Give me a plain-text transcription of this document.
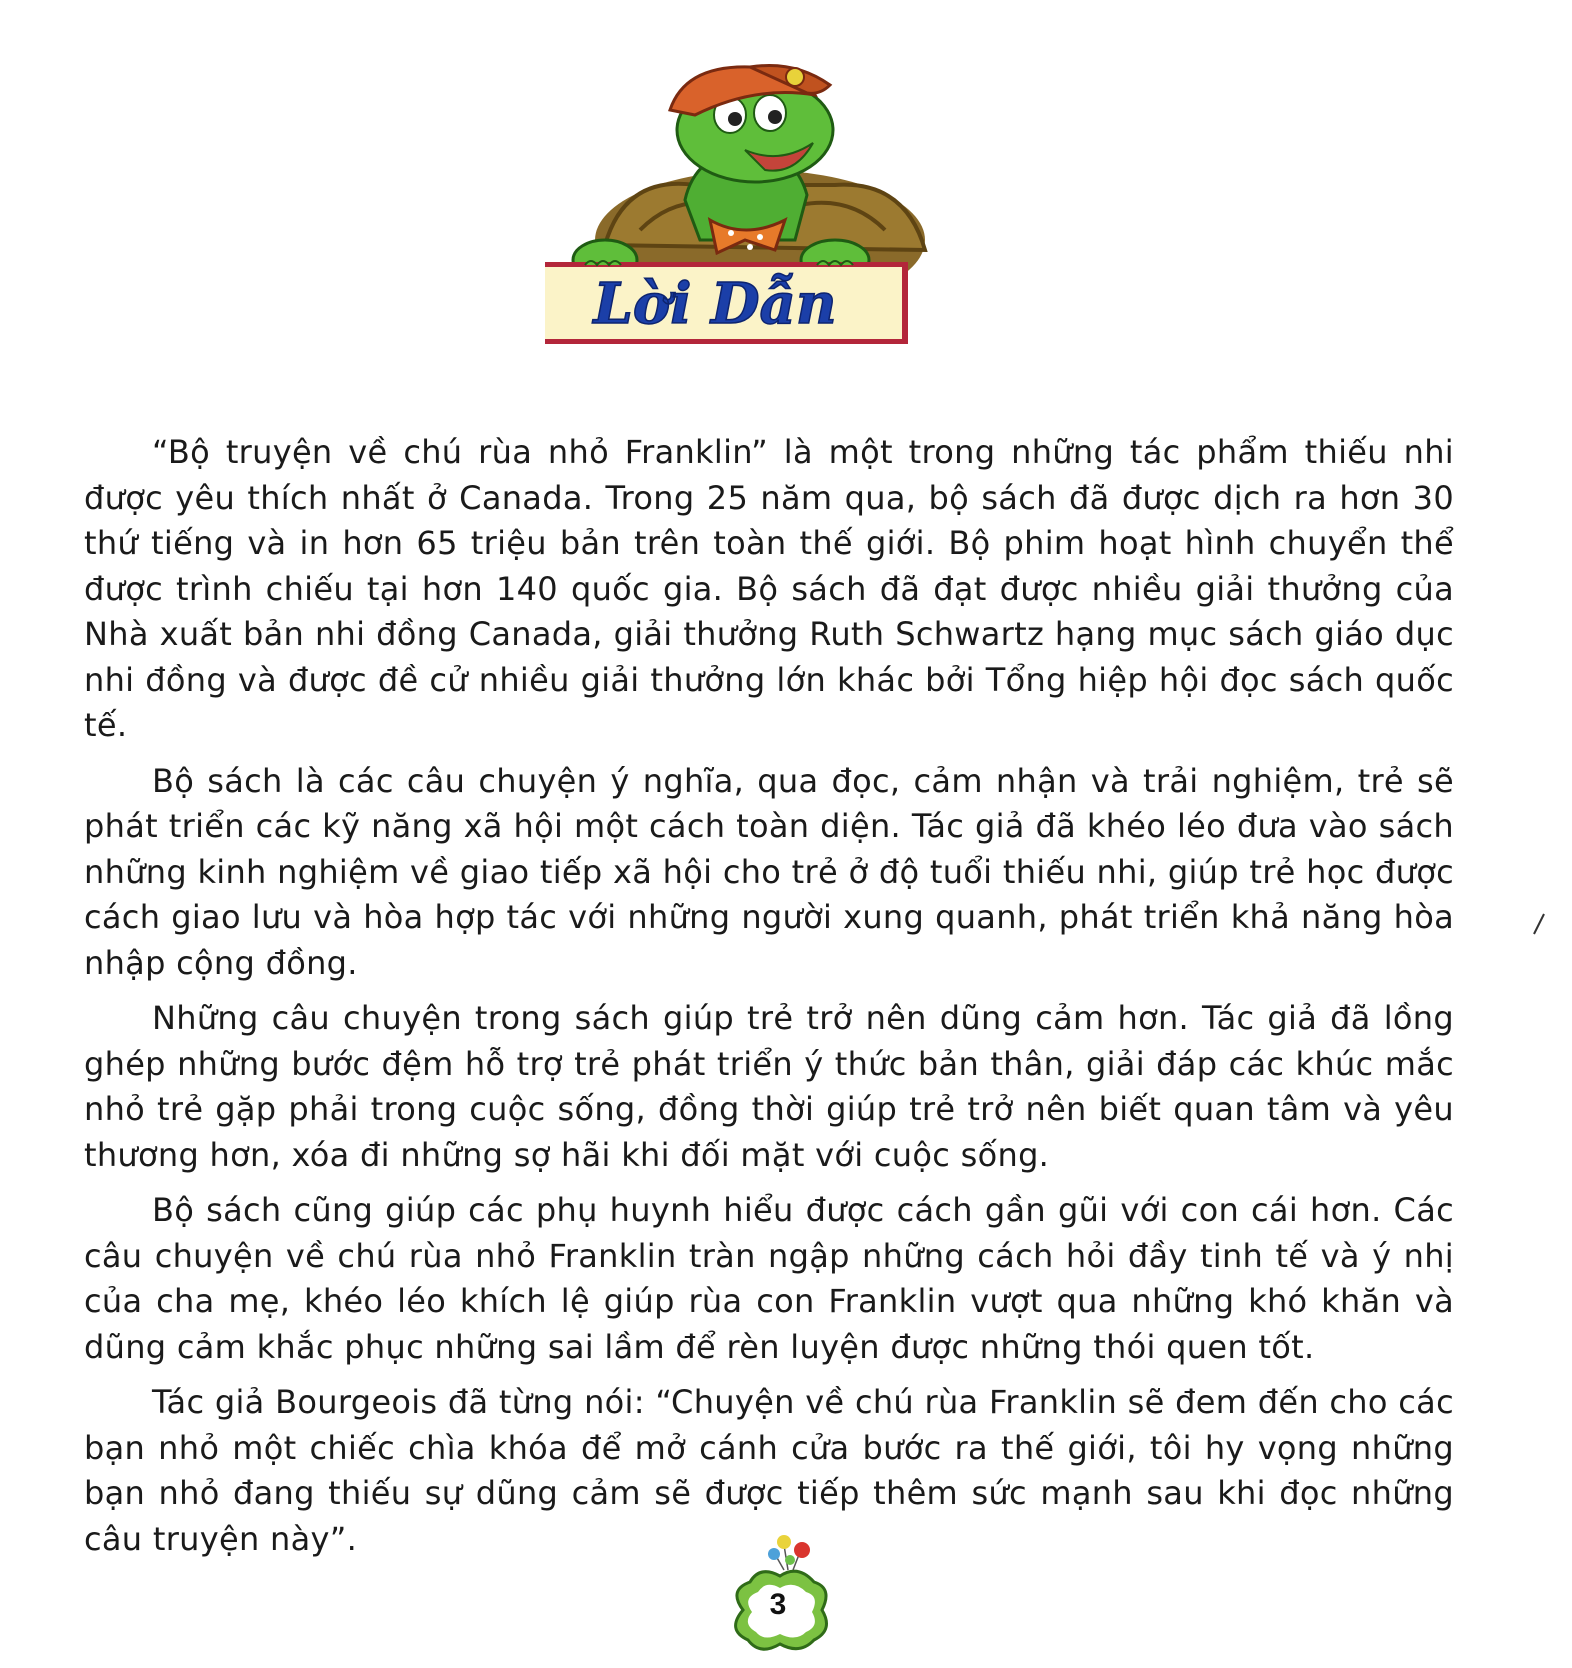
Lời Dẫn

“Bộ truyện về chú rùa nhỏ Franklin” là một trong những tác phẩm thiếu nhi được yêu thích nhất ở Canada. Trong 25 năm qua, bộ sách đã được dịch ra hơn 30 thứ tiếng và in hơn 65 triệu bản trên toàn thế giới. Bộ phim hoạt hình chuyển thể được trình chiếu tại hơn 140 quốc gia. Bộ sách đã đạt được nhiều giải thưởng của Nhà xuất bản nhi đồng Canada, giải thưởng Ruth Schwartz hạng mục sách giáo dục nhi đồng và được đề cử nhiều giải thưởng lớn khác bởi Tổng hiệp hội đọc sách quốc tế.

Bộ sách là các câu chuyện ý nghĩa, qua đọc, cảm nhận và trải nghiệm, trẻ sẽ phát triển các kỹ năng xã hội một cách toàn diện. Tác giả đã khéo léo đưa vào sách những kinh nghiệm về giao tiếp xã hội cho trẻ ở độ tuổi thiếu nhi, giúp trẻ học được cách giao lưu và hòa hợp tác với những người xung quanh, phát triển khả năng hòa nhập cộng đồng.

Những câu chuyện trong sách giúp trẻ trở nên dũng cảm hơn. Tác giả đã lồng ghép những bước đệm hỗ trợ trẻ phát triển ý thức bản thân, giải đáp các khúc mắc nhỏ trẻ gặp phải trong cuộc sống, đồng thời giúp trẻ trở nên biết quan tâm và yêu thương hơn, xóa đi những sợ hãi khi đối mặt với cuộc sống.

Bộ sách cũng giúp các phụ huynh hiểu được cách gần gũi với con cái hơn. Các câu chuyện về chú rùa nhỏ Franklin tràn ngập những cách hỏi đầy tinh tế và ý nhị của cha mẹ, khéo léo khích lệ giúp rùa con Franklin vượt qua những khó khăn và dũng cảm khắc phục những sai lầm để rèn luyện được những thói quen tốt.

Tác giả Bourgeois đã từng nói: “Chuyện về chú rùa Franklin sẽ đem đến cho các bạn nhỏ một chiếc chìa khóa để mở cánh cửa bước ra thế giới, tôi hy vọng những bạn nhỏ đang thiếu sự dũng cảm sẽ được tiếp thêm sức mạnh sau khi đọc những câu truyện này”.

3
